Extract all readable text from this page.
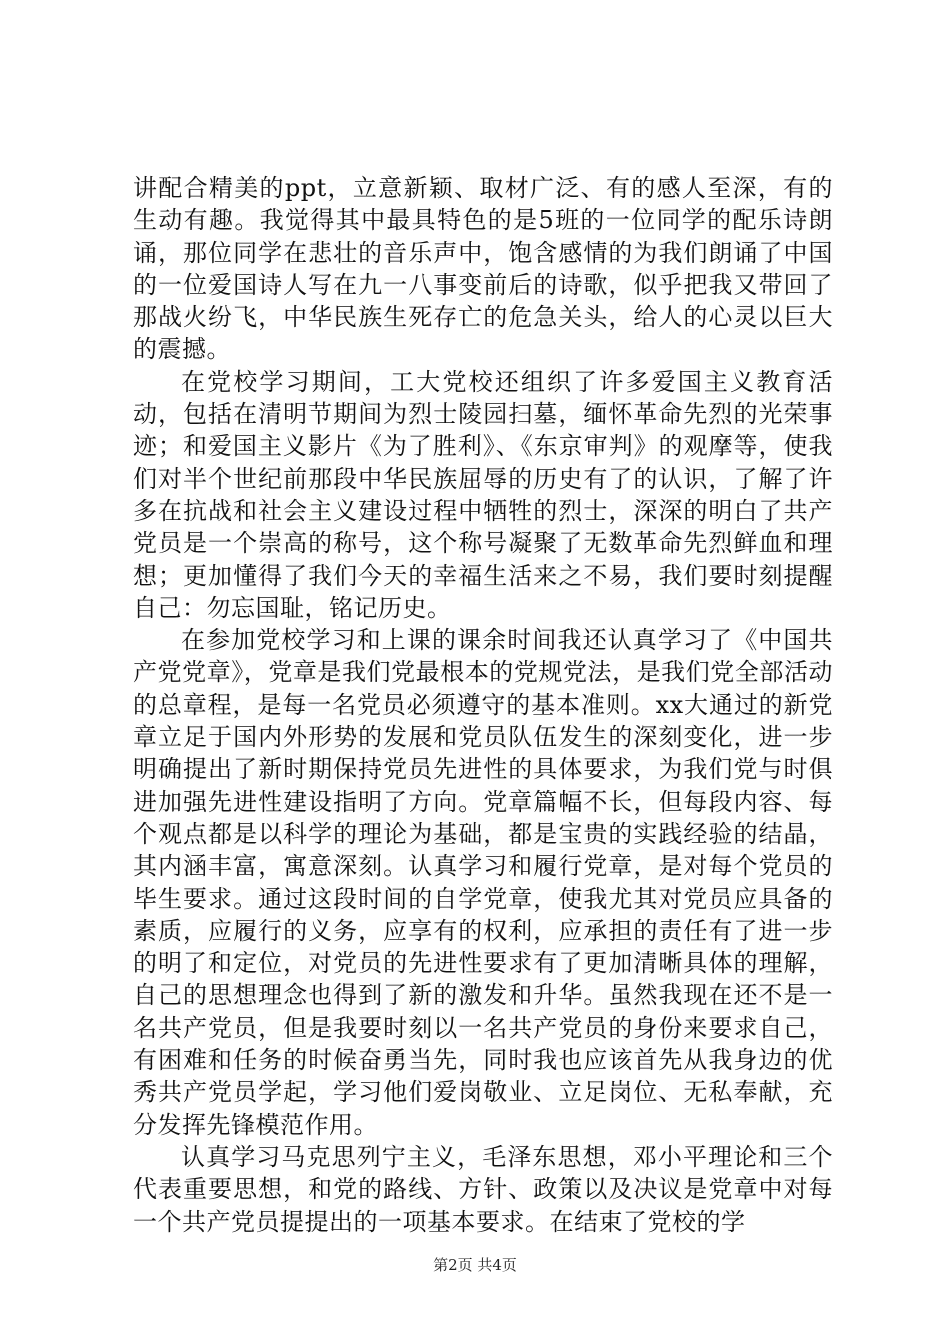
讲配合精美的ppt，立意新颖、取材广泛、有的感人至深，有的生动有趣。我觉得其中最具特色的是5班的一位同学的配乐诗朗诵，那位同学在悲壮的音乐声中，饱含感情的为我们朗诵了中国的一位爱国诗人写在九一八事变前后的诗歌，似乎把我又带回了那战火纷飞，中华民族生死存亡的危急关头，给人的心灵以巨大的震撼。

在党校学习期间，工大党校还组织了许多爱国主义教育活动，包括在清明节期间为烈士陵园扫墓，缅怀革命先烈的光荣事迹；和爱国主义影片《为了胜利》、《东京审判》的观摩等，使我们对半个世纪前那段中华民族屈辱的历史有了的认识，了解了许多在抗战和社会主义建设过程中牺牲的烈士，深深的明白了共产党员是一个崇高的称号，这个称号凝聚了无数革命先烈鲜血和理想；更加懂得了我们今天的幸福生活来之不易，我们要时刻提醒自己：勿忘国耻，铭记历史。

在参加党校学习和上课的课余时间我还认真学习了《中国共产党党章》，党章是我们党最根本的党规党法，是我们党全部活动的总章程，是每一名党员必须遵守的基本准则。xx大通过的新党章立足于国内外形势的发展和党员队伍发生的深刻变化，进一步明确提出了新时期保持党员先进性的具体要求，为我们党与时俱进加强先进性建设指明了方向。党章篇幅不长，但每段内容、每个观点都是以科学的理论为基础，都是宝贵的实践经验的结晶，其内涵丰富，寓意深刻。认真学习和履行党章，是对每个党员的毕生要求。通过这段时间的自学党章，使我尤其对党员应具备的素质，应履行的义务，应享有的权利，应承担的责任有了进一步的明了和定位，对党员的先进性要求有了更加清晰具体的理解，自己的思想理念也得到了新的激发和升华。虽然我现在还不是一名共产党员，但是我要时刻以一名共产党员的身份来要求自己，有困难和任务的时候奋勇当先，同时我也应该首先从我身边的优秀共产党员学起，学习他们爱岗敬业、立足岗位、无私奉献，充分发挥先锋模范作用。

认真学习马克思列宁主义，毛泽东思想，邓小平理论和三个代表重要思想，和党的路线、方针、政策以及决议是党章中对每一个共产党员提提出的一项基本要求。在结束了党校的学

第2页 共4页
